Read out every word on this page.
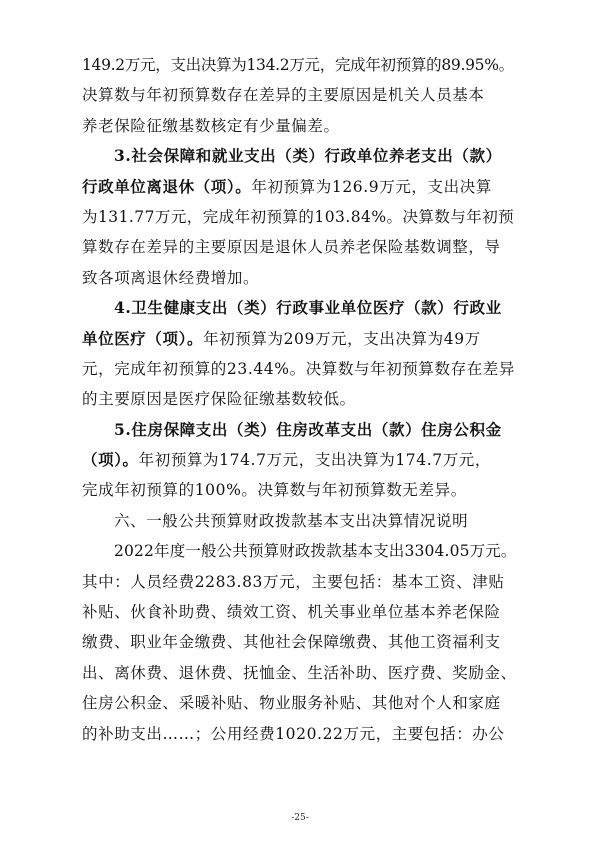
149.2万元，支出决算为134.2万元，完成年初预算的89.95%。
决算数与年初预算数存在差异的主要原因是机关人员基本
养老保险征缴基数核定有少量偏差。
3.社会保障和就业支出（类）行政单位养老支出（款）
行政单位离退休（项）。年初预算为126.9万元，支出决算
为131.77万元，完成年初预算的103.84%。决算数与年初预
算数存在差异的主要原因是退休人员养老保险基数调整，导
致各项离退休经费增加。
4.卫生健康支出（类）行政事业单位医疗（款）行政业
单位医疗（项）。年初预算为209万元，支出决算为49万
元，完成年初预算的23.44%。决算数与年初预算数存在差异
的主要原因是医疗保险征缴基数较低。
5.住房保障支出（类）住房改革支出（款）住房公积金
（项）。年初预算为174.7万元，支出决算为174.7万元，
完成年初预算的100%。决算数与年初预算数无差异。
六、一般公共预算财政拨款基本支出决算情况说明
2022年度一般公共预算财政拨款基本支出3304.05万元。
其中：人员经费2283.83万元，主要包括：基本工资、津贴
补贴、伙食补助费、绩效工资、机关事业单位基本养老保险
缴费、职业年金缴费、其他社会保障缴费、其他工资福利支
出、离休费、退休费、抚恤金、生活补助、医疗费、奖励金、
住房公积金、采暖补贴、物业服务补贴、其他对个人和家庭
的补助支出……；公用经费1020.22万元，主要包括：办公
-25-
